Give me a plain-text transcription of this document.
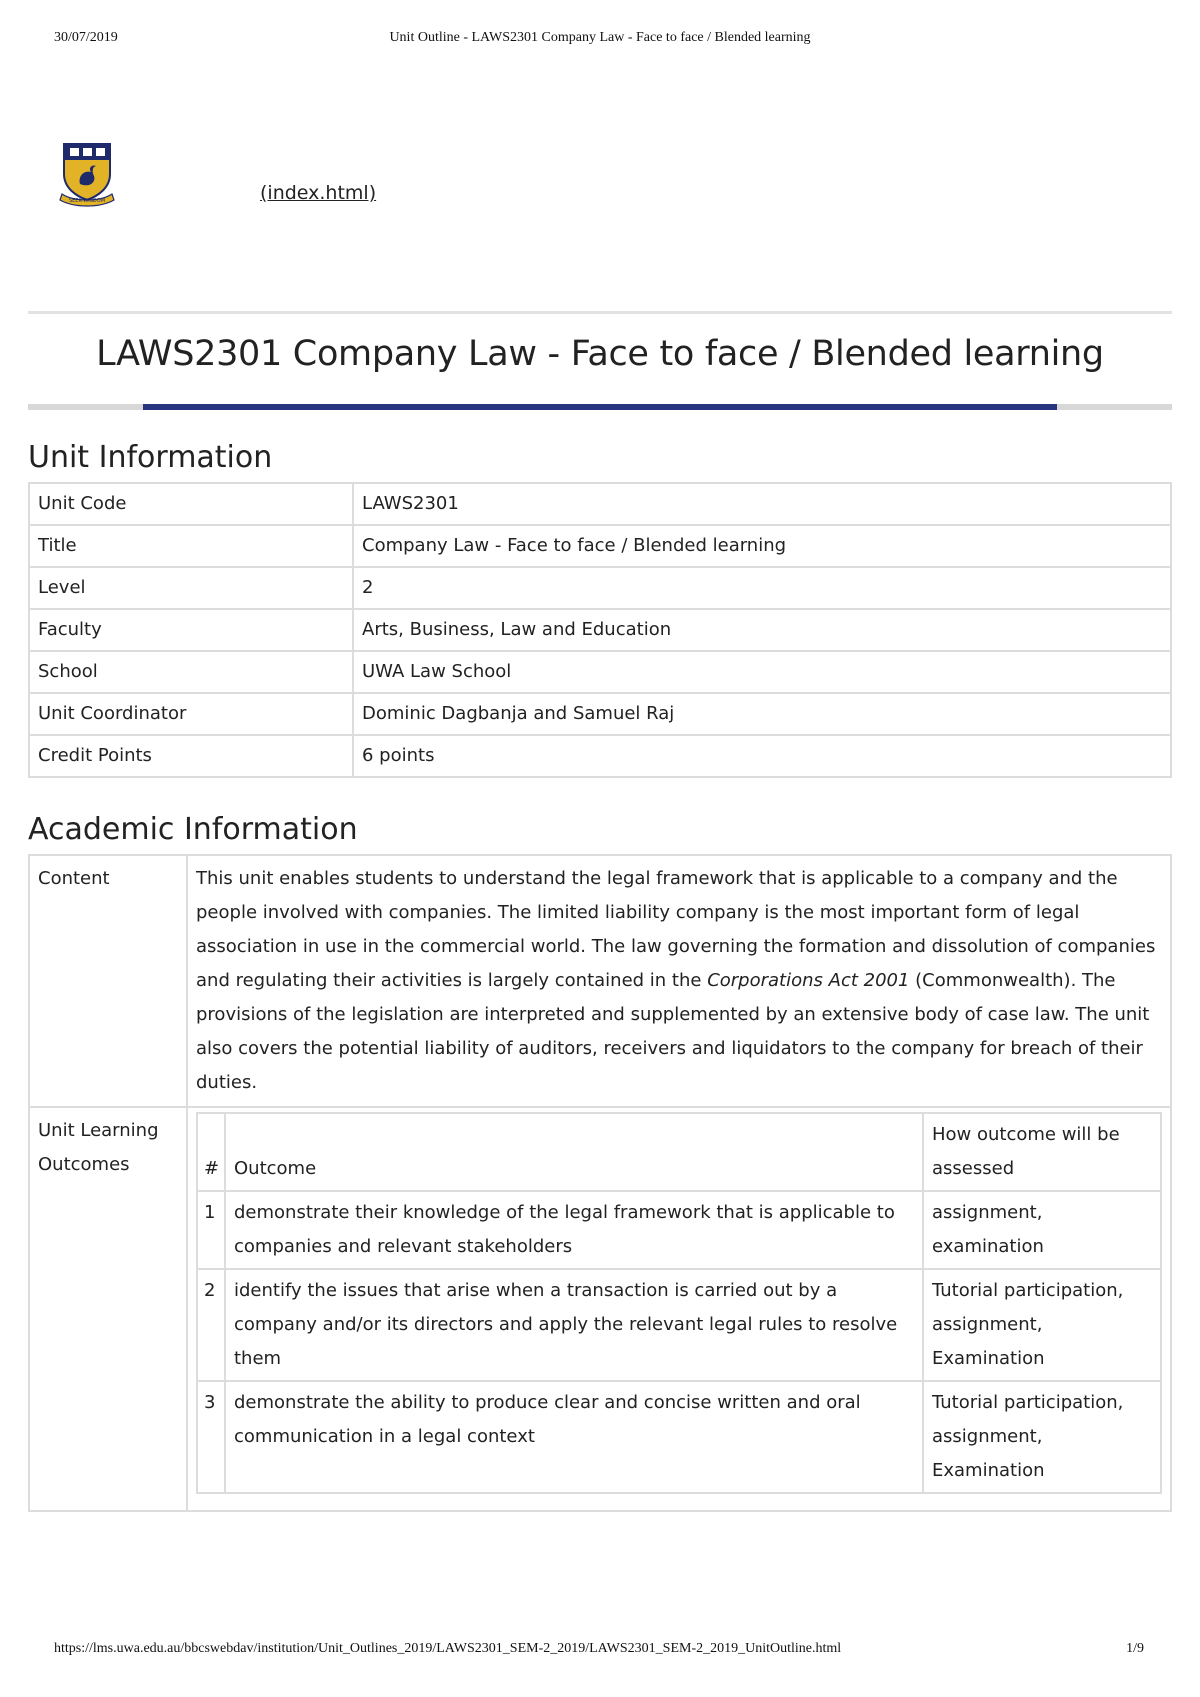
30/07/2019	Unit Outline - LAWS2301 Company Law - Face to face / Blended learning
SEEK WISDOM	(index.html)
LAWS2301 Company Law - Face to face / Blended learning
Unit Information
Unit Code	LAWS2301
Title	Company Law - Face to face / Blended learning
Level	2
Faculty	Arts, Business, Law and Education
School	UWA Law School
Unit Coordinator	Dominic Dagbanja and Samuel Raj
Credit Points	6 points
Academic Information
Content	This unit enables students to understand the legal framework that is applicable to a company and the people involved with companies. The limited liability company is the most important form of legal association in use in the commercial world. The law governing the formation and dissolution of companies and regulating their activities is largely contained in the Corporations Act 2001 (Commonwealth). The provisions of the legislation are interpreted and supplemented by an extensive body of case law. The unit also covers the potential liability of auditors, receivers and liquidators to the company for breach of their duties.
Unit Learning Outcomes		#	Outcome	How outcome will be assessed
1	demonstrate their knowledge of the legal framework that is applicable to companies and relevant stakeholders	assignment, examination
2	identify the issues that arise when a transaction is carried out by a company and/or its directors and apply the relevant legal rules to resolve them	Tutorial participation, assignment, Examination
3	demonstrate the ability to produce clear and concise written and oral communication in a legal context	Tutorial participation, assignment, Examination
https://lms.uwa.edu.au/bbcswebdav/institution/Unit_Outlines_2019/LAWS2301_SEM-2_2019/LAWS2301_SEM-2_2019_UnitOutline.html	1/9
